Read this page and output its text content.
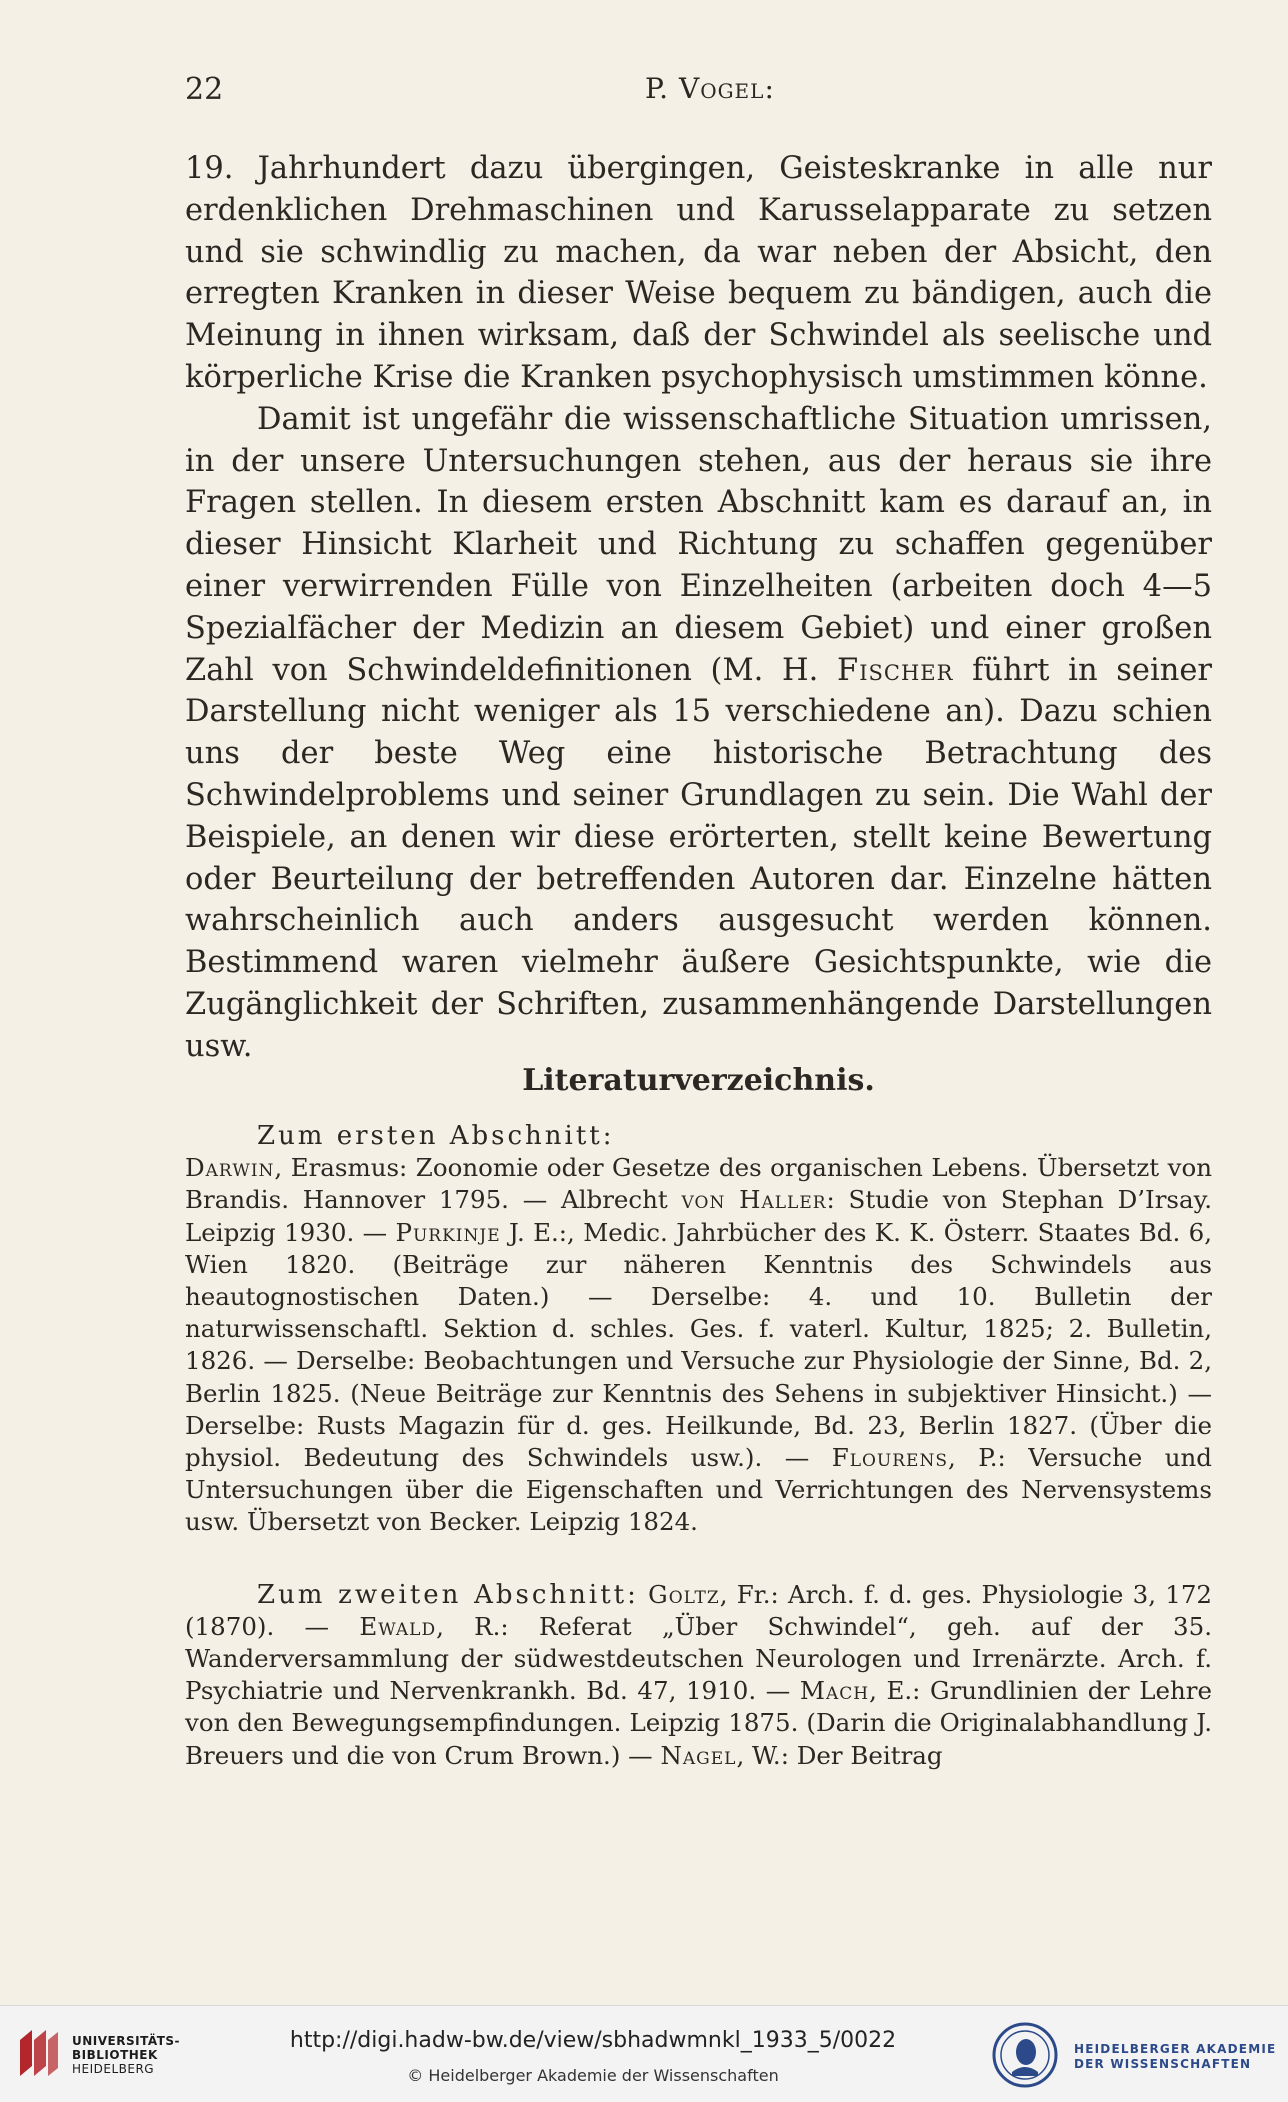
22	P. Vogel:

19. Jahrhundert dazu übergingen, Geisteskranke in alle nur erdenklichen Drehmaschinen und Karusselapparate zu setzen und sie schwindlig zu machen, da war neben der Absicht, den erregten Kranken in dieser Weise bequem zu bändigen, auch die Meinung in ihnen wirksam, daß der Schwindel als seelische und körperliche Krise die Kranken psychophysisch umstimmen könne.

Damit ist ungefähr die wissenschaftliche Situation umrissen, in der unsere Untersuchungen stehen, aus der heraus sie ihre Fragen stellen. In diesem ersten Abschnitt kam es darauf an, in dieser Hinsicht Klarheit und Richtung zu schaffen gegenüber einer verwirrenden Fülle von Einzelheiten (arbeiten doch 4—5 Spezialfächer der Medizin an diesem Gebiet) und einer großen Zahl von Schwindeldefinitionen (M. H. Fischer führt in seiner Darstellung nicht weniger als 15 verschiedene an). Dazu schien uns der beste Weg eine historische Betrachtung des Schwindelproblems und seiner Grundlagen zu sein. Die Wahl der Beispiele, an denen wir diese erörterten, stellt keine Bewertung oder Beurteilung der betreffenden Autoren dar. Einzelne hätten wahrscheinlich auch anders ausgesucht werden können. Bestimmend waren vielmehr äußere Gesichtspunkte, wie die Zugänglichkeit der Schriften, zusammenhängende Darstellungen usw.

Literaturverzeichnis.

Zum ersten Abschnitt:
Darwin, Erasmus: Zoonomie oder Gesetze des organischen Lebens. Übersetzt von Brandis. Hannover 1795. — Albrecht von Haller: Studie von Stephan D’Irsay. Leipzig 1930. — Purkinje J. E.:, Medic. Jahrbücher des K. K. Österr. Staates Bd. 6, Wien 1820. (Beiträge zur näheren Kenntnis des Schwindels aus heautognostischen Daten.) — Derselbe: 4. und 10. Bulletin der naturwissenschaftl. Sektion d. schles. Ges. f. vaterl. Kultur, 1825; 2. Bulletin, 1826. — Derselbe: Beobachtungen und Versuche zur Physiologie der Sinne, Bd. 2, Berlin 1825. (Neue Beiträge zur Kenntnis des Sehens in subjektiver Hinsicht.) — Derselbe: Rusts Magazin für d. ges. Heilkunde, Bd. 23, Berlin 1827. (Über die physiol. Bedeutung des Schwindels usw.). — Flourens, P.: Versuche und Untersuchungen über die Eigenschaften und Verrichtungen des Nervensystems usw. Übersetzt von Becker. Leipzig 1824.

Zum zweiten Abschnitt: Goltz, Fr.: Arch. f. d. ges. Physiologie 3, 172 (1870). — Ewald, R.: Referat „Über Schwindel“, geh. auf der 35. Wanderversammlung der südwestdeutschen Neurologen und Irrenärzte. Arch. f. Psychiatrie und Nervenkrankh. Bd. 47, 1910. — Mach, E.: Grundlinien der Lehre von den Bewegungsempfindungen. Leipzig 1875. (Darin die Originalabhandlung J. Breuers und die von Crum Brown.) — Nagel, W.: Der Beitrag

UNIVERSITÄTS-
BIBLIOTHEK
HEIDELBERG
http://digi.hadw-bw.de/view/sbhadwmnkl_1933_5/0022
© Heidelberger Akademie der Wissenschaften
HEIDELBERGER AKADEMIE
DER WISSENSCHAFTEN
